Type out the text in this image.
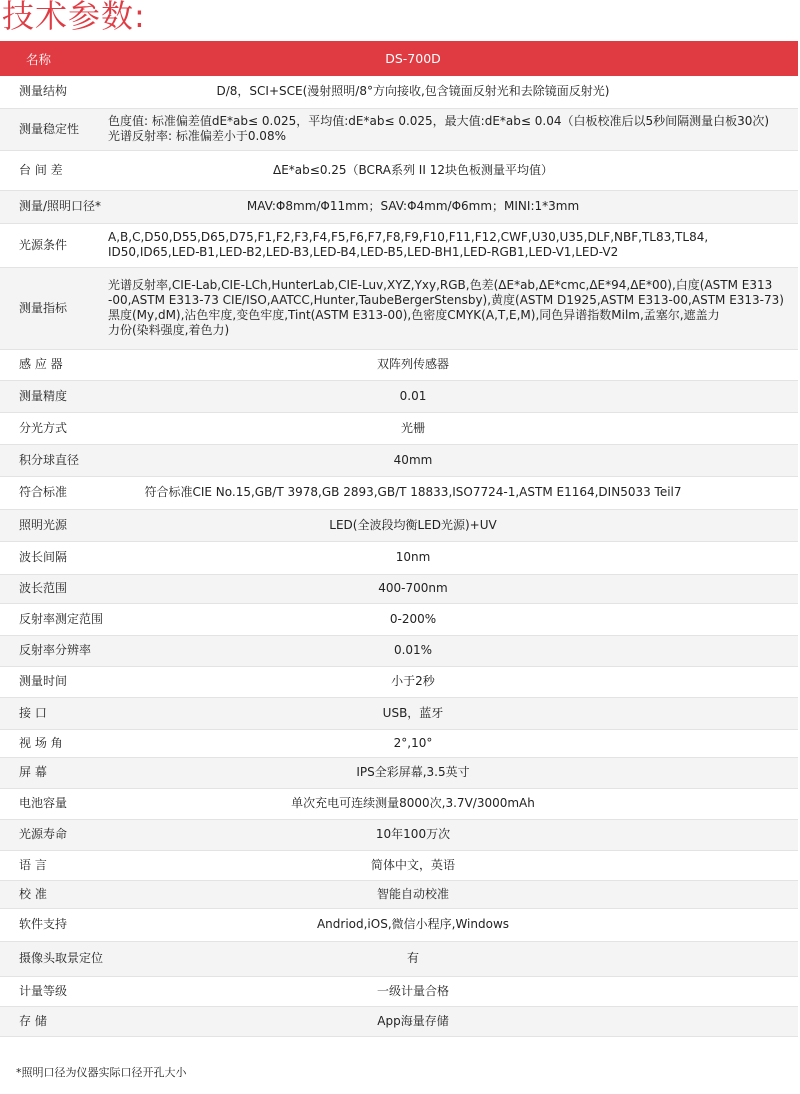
技术参数:
名称	DS-700D
测量结构	D/8，SCI+SCE(漫射照明/8°方向接收,包含镜面反射光和去除镜面反射光)

测量稳定性	色度值: 标准偏差值dE*ab≤ 0.025，平均值:dE*ab≤ 0.025，最大值:dE*ab≤ 0.04（白板校准后以5秒间隔测量白板30次)
光谱反射率: 标准偏差小于0.08%

台 间 差	ΔE*ab≤0.25（BCRA系列 II 12块色板测量平均值）

测量/照明口径*	MAV:Φ8mm/Φ11mm；SAV:Φ4mm/Φ6mm；MINI:1*3mm

光源条件	A,B,C,D50,D55,D65,D75,F1,F2,F3,F4,F5,F6,F7,F8,F9,F10,F11,F12,CWF,U30,U35,DLF,NBF,TL83,TL84,
ID50,ID65,LED-B1,LED-B2,LED-B3,LED-B4,LED-B5,LED-BH1,LED-RGB1,LED-V1,LED-V2

测量指标	光谱反射率,CIE-Lab,CIE-LCh,HunterLab,CIE-Luv,XYZ,Yxy,RGB,色差(ΔE*ab,ΔE*cmc,ΔE*94,ΔE*00),白度(ASTM E313
-00,ASTM E313-73 CIE/ISO,AATCC,Hunter,TaubeBergerStensby),黄度(ASTM D1925,ASTM E313-00,ASTM E313-73)
黑度(My,dM),沾色牢度,变色牢度,Tint(ASTM E313-00),色密度CMYK(A,T,E,M),同色异谱指数Milm,孟塞尔,遮盖力
力份(染料强度,着色力)

感 应 器	双阵列传感器

测量精度	0.01

分光方式	光栅

积分球直径	40mm

符合标准	符合标准CIE No.15,GB/T 3978,GB 2893,GB/T 18833,ISO7724-1,ASTM E1164,DIN5033 Teil7

照明光源	LED(全波段均衡LED光源)+UV

波长间隔	10nm

波长范围	400-700nm

反射率测定范围	0-200%

反射率分辨率	0.01%

测量时间	小于2秒

接 口	USB，蓝牙

视 场 角	2°,10°

屏 幕	IPS全彩屏幕,3.5英寸

电池容量	单次充电可连续测量8000次,3.7V/3000mAh

光源寿命	10年100万次

语 言	简体中文，英语

校 准	智能自动校准

软件支持	Andriod,iOS,微信小程序,Windows

摄像头取景定位	有

计量等级	一级计量合格

存 储	App海量存储

*照明口径为仪器实际口径开孔大小
